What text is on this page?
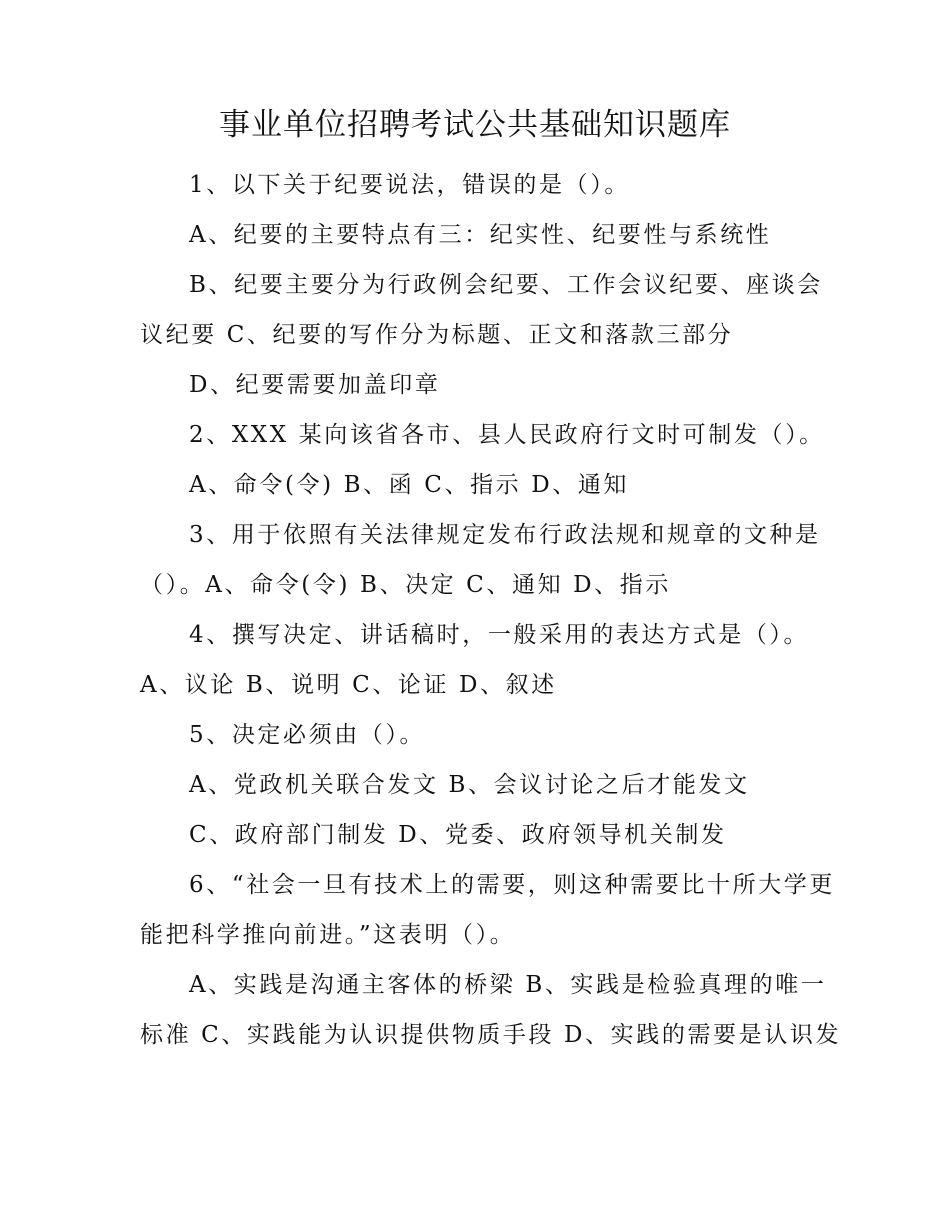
事业单位招聘考试公共基础知识题库
1、以下关于纪要说法，错误的是（）。
A、纪要的主要特点有三：纪实性、纪要性与系统性
B、纪要主要分为行政例会纪要、工作会议纪要、座谈会
议纪要 C、纪要的写作分为标题、正文和落款三部分
D、纪要需要加盖印章
2、XXX 某向该省各市、县人民政府行文时可制发（）。
A、命令(令) B、函 C、指示 D、通知
3、用于依照有关法律规定发布行政法规和规章的文种是
（）。A、命令(令) B、决定 C、通知 D、指示
4、撰写决定、讲话稿时，一般采用的表达方式是（）。
A、议论 B、说明 C、论证 D、叙述
5、决定必须由（）。
A、党政机关联合发文 B、会议讨论之后才能发文
C、政府部门制发 D、党委、政府领导机关制发
6、“社会一旦有技术上的需要，则这种需要比十所大学更
能把科学推向前进。”这表明（）。
A、实践是沟通主客体的桥梁 B、实践是检验真理的唯一
标准 C、实践能为认识提供物质手段 D、实践的需要是认识发
